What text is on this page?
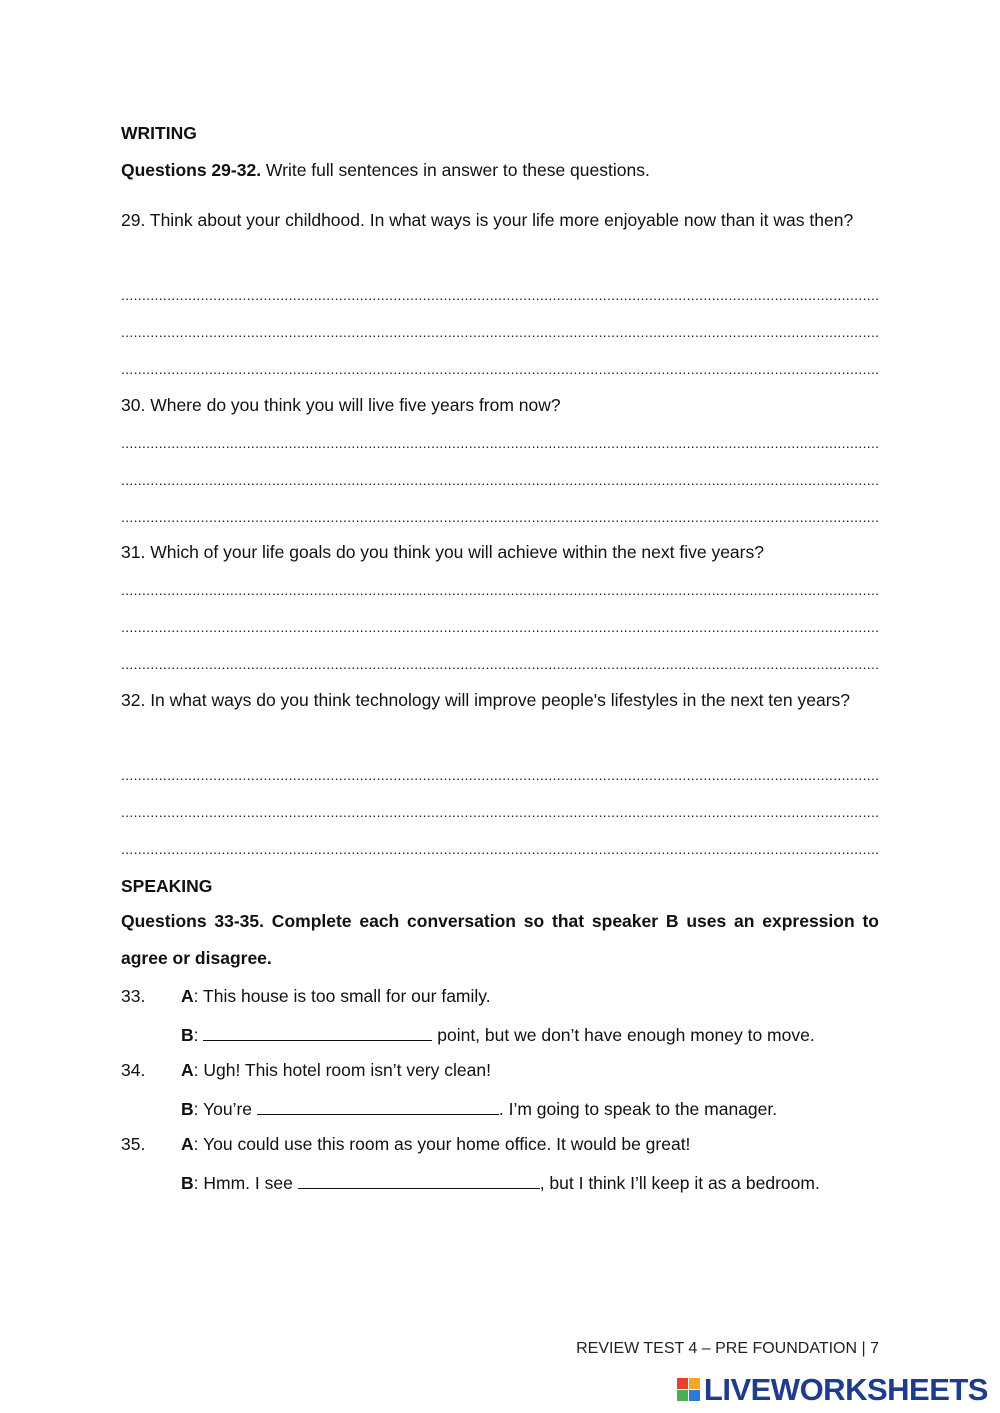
WRITING
Questions 29-32. Write full sentences in answer to these questions.
29. Think about your childhood. In what ways is your life more enjoyable now than it was then?
.....
.....
.....
30. Where do you think you will live five years from now?
.....
.....
.....
31. Which of your life goals do you think you will achieve within the next five years?
.....
.....
.....
32. In what ways do you think technology will improve people's lifestyles in the next ten years?
.....
.....
.....
SPEAKING
Questions 33-35. Complete each conversation so that speaker B uses an expression to agree or disagree.
33. A: This house is too small for our family.
B:	point, but we don’t have enough money to move.
34. A: Ugh! This hotel room isn’t very clean!
B: You’re	. I’m going to speak to the manager.
35. A: You could use this room as your home office. It would be great!
B: Hmm. I see	, but I think I’ll keep it as a bedroom.
REVIEW TEST 4 – PRE FOUNDATION | 7
LIVEWORKSHEETS
